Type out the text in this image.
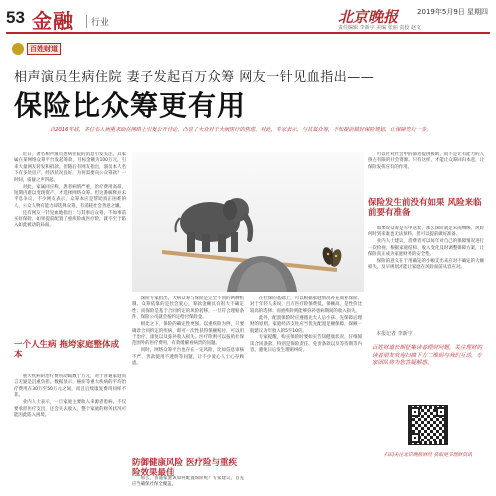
53 金融	行业	北京晚报	2019年5月9日 星期四
责任编辑 李新宇 美编 张丽 责校 赵文
百姓财道
相声演员生病住院 妻子发起百万众筹 网友一针见血指出——
保险比众筹更有用
自2016年底，多位名人病重求助在网络上引发公开讨论，凸显了大众对于大病医疗的焦虑。对此，专家表示，与其靠众筹，不如提前做好保险规划，让保障先行一步。

近日，著名相声演员患病住院的消息引发关注。其家属在某网络众筹平台发起筹款，目标金额为100万元，引来大量网友转发和捐款。但随后有网友指出，演员本人名下有多处房产，经济状况良好，为何需要向公众筹款？一时间，质疑之声四起。

对此，家属回应称，患者病情严重，治疗费用高昂，短期内难以变现资产，才选择网络众筹。但这番解释并未平息争议。不少网友表示，众筹本应是帮助真正困难的人，公众人物有能力却选择众筹，有消耗社会善意之嫌。

还有网友一针见血地指出：与其事后众筹，不如事前买好保险。如果提前配置了重疾险或医疗险，就不至于陷入如此被动的局面。

一个人生病 拖垮家庭整体成本

重大疾病的治疗费用动辄数十万元，对于普通家庭而言无疑是沉重负担。数据显示，癌症等重大疾病的平均治疗费用在30万至50万元之间，而且后续康复费用同样不菲。

业内人士表示，一旦家庭主要收入来源者患病，不仅要承担医疗支出，还会失去收入，整个家庭的财务状况可能因此陷入困境。

保险专家指出，大病众筹与保险是完全不同的两种机制。众筹依靠的是社会爱心，筹款金额具有很大不确定性；而保险是基于合同约定的风险转移，一旦符合理赔条件，保险公司就会按约定给付保险金。

相比之下，保险的确定性更强。以重疾险为例，只要确诊合同约定的疾病，即可一次性获得保额赔付，可以用于治疗、康复以及弥补收入损失。医疗险则可以报销社保范围外的医疗费用，有效缓解看病贵的问题。

同时，网络众筹平台也存在一定风险，比如信息审核不严、善款使用不透明等问题，让不少爱心人士心存顾虑。

防御健康风险 医疗险与重疾险效果最佳

那么，普通家庭该如何配置保险呢？专家建议，首先应当确保社保全覆盖。

在社保的基础上，可以根据家庭情况补充商业保险。对于年轻人来说，百万医疗险保费低、保额高，是性价比较高的选择；而重疾险则能够弥补患病期间的收入损失。

此外，配置保险时应遵循先大人后小孩、先保障后理财的原则。家庭经济支柱应当优先配置足额保障，保额一般建议为年收入的5至10倍。

专家提醒，购买保险时要如实告知健康状况，仔细阅读合同条款，特别是保险责任、免责条款以及等待期等内容，避免日后发生理赔纠纷。

可以针对社会中的弱者提供援助，而不是让有能力的人挤占有限的社会资源。只有这样，才能让众筹回归本意，让保险发挥应有的作用。

保险发生前没有如果 风险来临前要有准备

如果说众筹是雪中送炭，那么保险就是未雨绸缪。风险何时到来谁也无法预料，但可以提前做好准备。

业内人士建议，消费者可以每年对自己的保障情况进行一次检视，根据家庭结构、收入变化及时调整保障方案，让保险真正成为家庭财务的安全垫。

保险的意义在于用确定的小额支出来应对不确定的大额损失，及早规划才能让家庭在风险面前从容应对。

本报记者 李新宇
百姓财道长期征集读者理财问题，关注理财的读者朋友欢迎扫描下方二维码与我们互动，专家团队将为您答疑解惑。
扫码关注北京晚报财经 获取更多理财资讯
